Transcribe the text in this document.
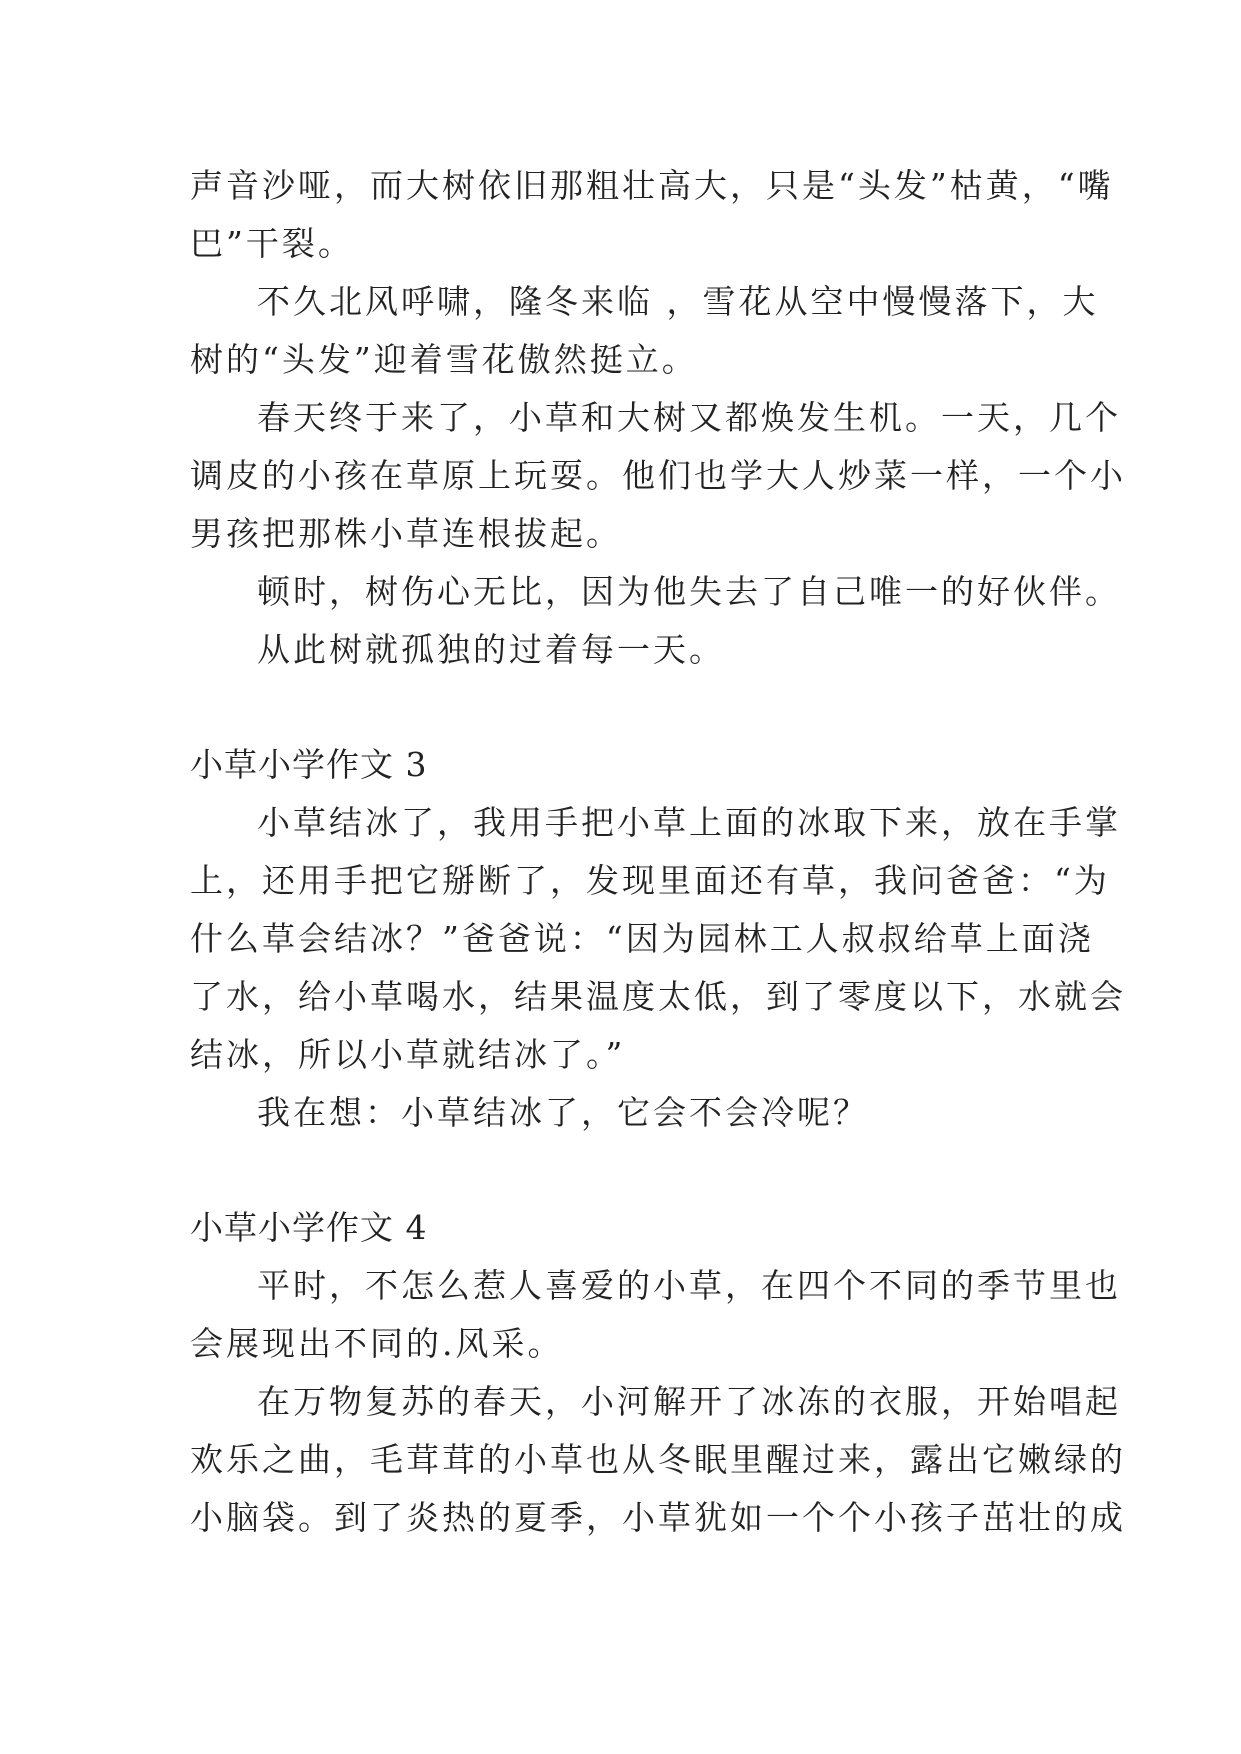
声音沙哑，而大树依旧那粗壮高大，只是“头发”枯黄，“嘴
巴”干裂。
不久北风呼啸，隆冬来临 ，雪花从空中慢慢落下，大
树的“头发”迎着雪花傲然挺立。
春天终于来了，小草和大树又都焕发生机。一天，几个
调皮的小孩在草原上玩耍。他们也学大人炒菜一样，一个小
男孩把那株小草连根拔起。
顿时，树伤心无比，因为他失去了自己唯一的好伙伴。
从此树就孤独的过着每一天。
小草小学作文 3
小草结冰了，我用手把小草上面的冰取下来，放在手掌
上，还用手把它掰断了，发现里面还有草，我问爸爸：“为
什么草会结冰？”爸爸说：“因为园林工人叔叔给草上面浇
了水，给小草喝水，结果温度太低，到了零度以下，水就会
结冰，所以小草就结冰了。”
我在想：小草结冰了，它会不会冷呢？
小草小学作文 4
平时，不怎么惹人喜爱的小草，在四个不同的季节里也
会展现出不同的.风采。
在万物复苏的春天，小河解开了冰冻的衣服，开始唱起
欢乐之曲，毛茸茸的小草也从冬眠里醒过来，露出它嫩绿的
小脑袋。到了炎热的夏季，小草犹如一个个小孩子茁壮的成
